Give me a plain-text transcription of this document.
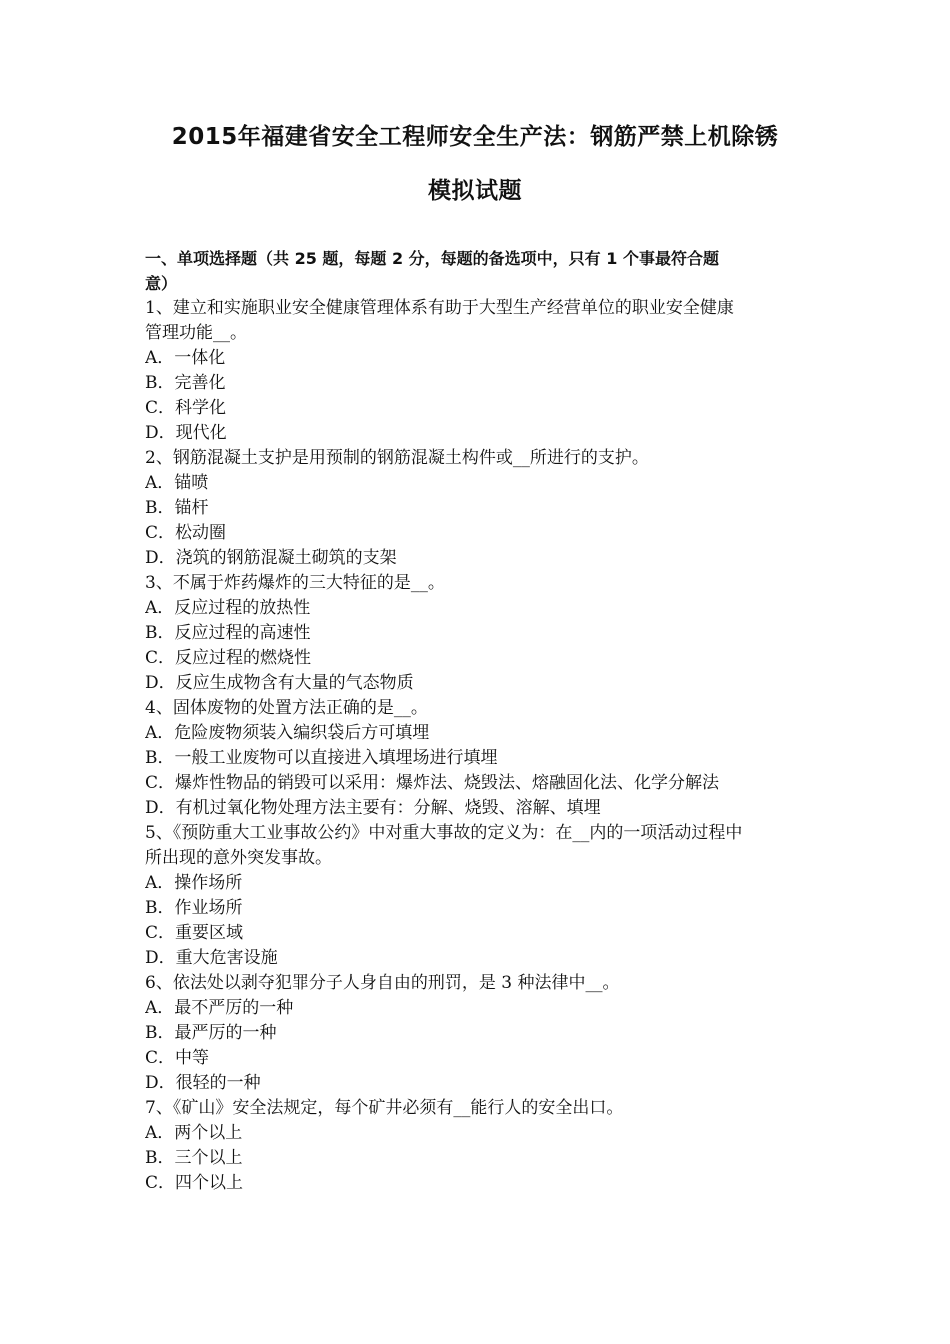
2015年福建省安全工程师安全生产法：钢筋严禁上机除锈
模拟试题
一、单项选择题（共 25 题，每题 2 分，每题的备选项中，只有 1 个事最符合题
意）
1、建立和实施职业安全健康管理体系有助于大型生产经营单位的职业安全健康
管理功能__。
A．一体化
B．完善化
C．科学化
D．现代化
2、钢筋混凝土支护是用预制的钢筋混凝土构件或__所进行的支护。
A．锚喷
B．锚杆
C．松动圈
D．浇筑的钢筋混凝土砌筑的支架
3、不属于炸药爆炸的三大特征的是__。
A．反应过程的放热性
B．反应过程的高速性
C．反应过程的燃烧性
D．反应生成物含有大量的气态物质
4、固体废物的处置方法正确的是__。
A．危险废物须装入编织袋后方可填埋
B．一般工业废物可以直接进入填埋场进行填埋
C．爆炸性物品的销毁可以采用：爆炸法、烧毁法、熔融固化法、化学分解法
D．有机过氧化物处理方法主要有：分解、烧毁、溶解、填埋
5、《预防重大工业事故公约》中对重大事故的定义为：在__内的一项活动过程中
所出现的意外突发事故。
A．操作场所
B．作业场所
C．重要区域
D．重大危害设施
6、依法处以剥夺犯罪分子人身自由的刑罚，是 3 种法律中__。
A．最不严厉的一种
B．最严厉的一种
C．中等
D．很轻的一种
7、《矿山》安全法规定，每个矿井必须有__能行人的安全出口。
A．两个以上
B．三个以上
C．四个以上
